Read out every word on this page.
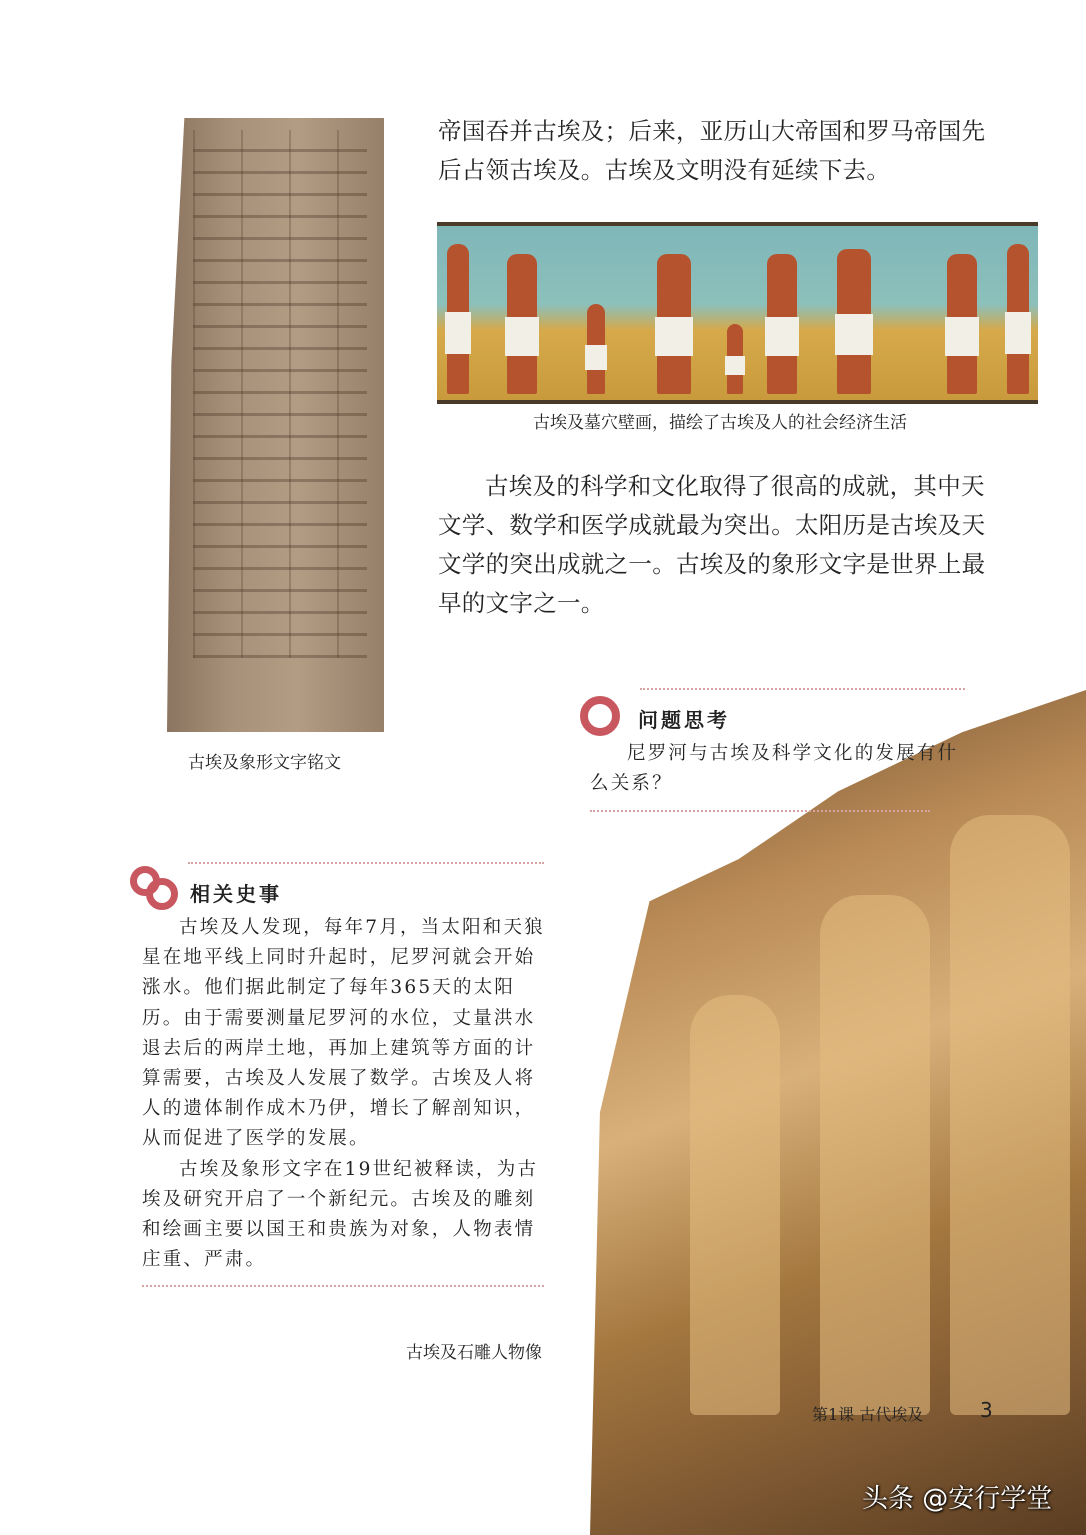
古埃及象形文字铭文
帝国吞并古埃及；后来，亚历山大帝国和罗马帝国先后占领古埃及。古埃及文明没有延续下去。
古埃及墓穴壁画，描绘了古埃及人的社会经济生活
古埃及的科学和文化取得了很高的成就，其中天文学、数学和医学成就最为突出。太阳历是古埃及天文学的突出成就之一。古埃及的象形文字是世界上最早的文字之一。
问题思考
尼罗河与古埃及科学文化的发展有什么关系？
相关史事
古埃及人发现，每年7月，当太阳和天狼星在地平线上同时升起时，尼罗河就会开始涨水。他们据此制定了每年365天的太阳历。由于需要测量尼罗河的水位，丈量洪水退去后的两岸土地，再加上建筑等方面的计算需要，古埃及人发展了数学。古埃及人将人的遗体制作成木乃伊，增长了解剖知识，从而促进了医学的发展。
古埃及象形文字在19世纪被释读，为古埃及研究开启了一个新纪元。古埃及的雕刻和绘画主要以国王和贵族为对象，人物表情庄重、严肃。
古埃及石雕人物像
第1课 古代埃及	3
头条 @安行学堂
